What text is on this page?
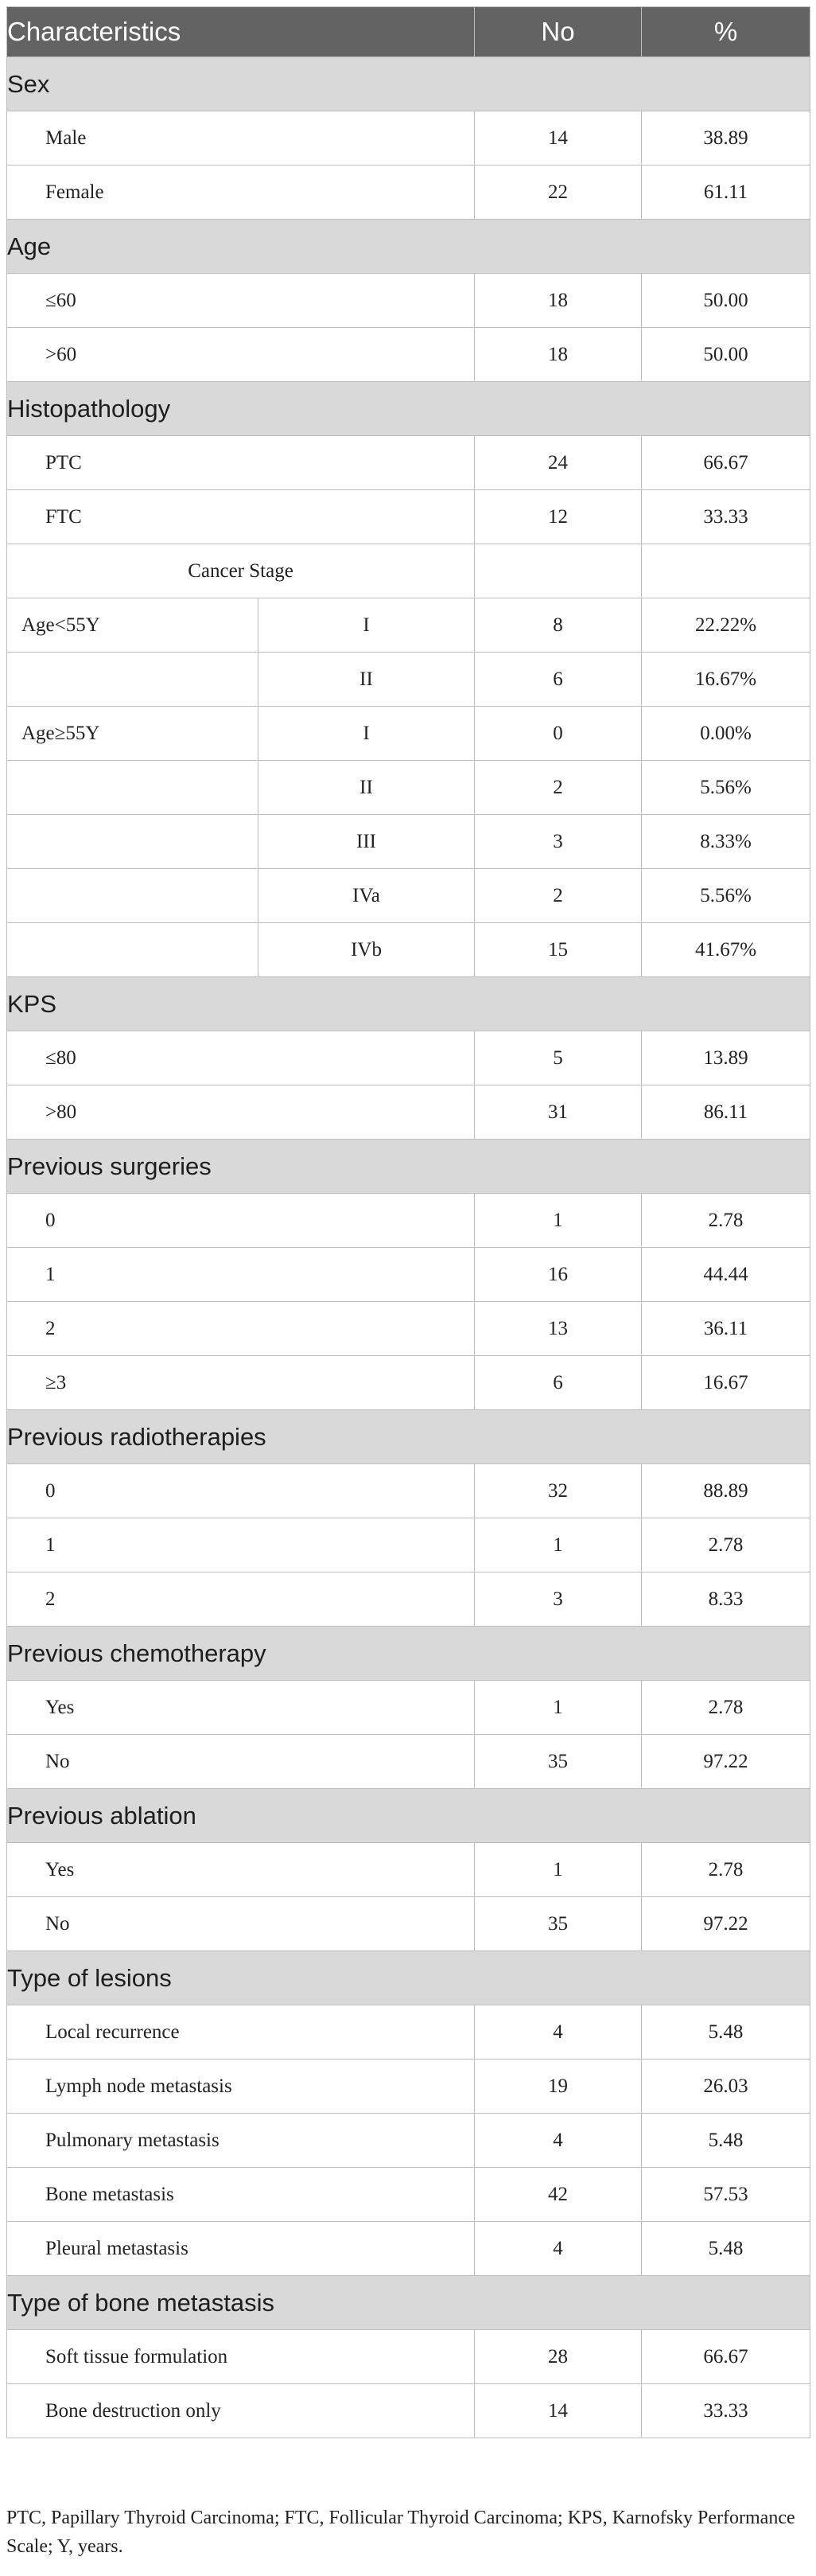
Characteristics		No	%
Sex			
Male		14	38.89
Female		22	61.11
Age			
≤60		18	50.00
>60		18	50.00
Histopathology			
PTC		24	66.67
FTC		12	33.33
Cancer Stage			
Age<55Y	I	8	22.22%
	II	6	16.67%
Age≥55Y	I	0	0.00%
	II	2	5.56%
	III	3	8.33%
	IVa	2	5.56%
	IVb	15	41.67%
KPS			
≤80		5	13.89
>80		31	86.11
Previous surgeries			
0		1	2.78
1		16	44.44
2		13	36.11
≥3		6	16.67
Previous radiotherapies			
0		32	88.89
1		1	2.78
2		3	8.33
Previous chemotherapy			
Yes		1	2.78
No		35	97.22
Previous ablation			
Yes		1	2.78
No		35	97.22
Type of lesions			
Local recurrence		4	5.48
Lymph node metastasis		19	26.03
Pulmonary metastasis		4	5.48
Bone metastasis		42	57.53
Pleural metastasis		4	5.48
Type of bone metastasis			
Soft tissue formulation		28	66.67
Bone destruction only		14	33.33

PTC, Papillary Thyroid Carcinoma; FTC, Follicular Thyroid Carcinoma; KPS, Karnofsky Performance Scale; Y, years.
